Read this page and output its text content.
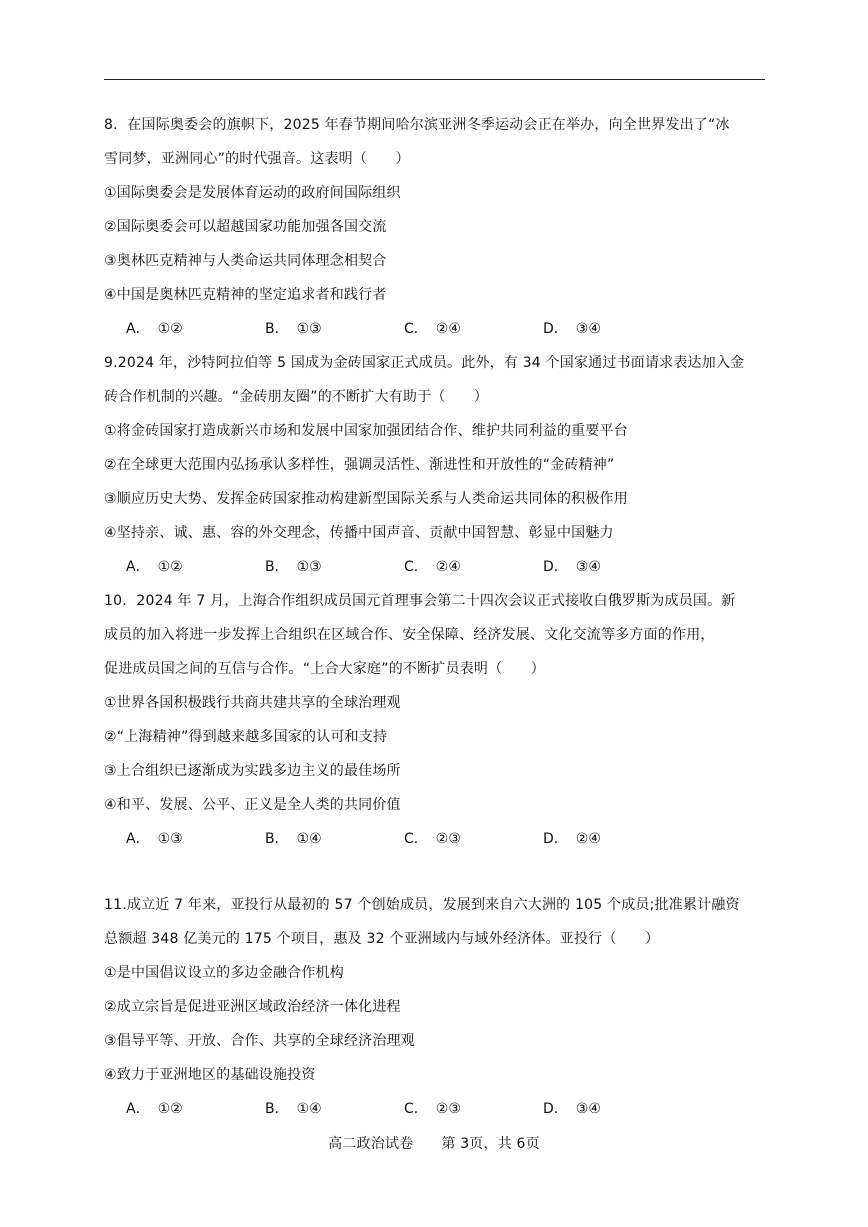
8．在国际奥委会的旗帜下，2025 年春节期间哈尔滨亚洲冬季运动会正在举办，向全世界发出了“冰

雪同梦，亚洲同心”的时代强音。这表明（　　）

①国际奥委会是发展体育运动的政府间国际组织

②国际奥委会可以超越国家功能加强各国交流

③奥林匹克精神与人类命运共同体理念相契合

④中国是奥林匹克精神的坚定追求者和践行者

A． ①②	B． ①③	C． ②④	D． ③④

9.2024 年，沙特阿拉伯等 5 国成为金砖国家正式成员。此外，有 34 个国家通过书面请求表达加入金

砖合作机制的兴趣。“金砖朋友圈”的不断扩大有助于（　　）

①将金砖国家打造成新兴市场和发展中国家加强团结合作、维护共同利益的重要平台

②在全球更大范围内弘扬承认多样性，强调灵活性、渐进性和开放性的“金砖精神”

③顺应历史大势、发挥金砖国家推动构建新型国际关系与人类命运共同体的积极作用

④坚持亲、诚、惠、容的外交理念，传播中国声音、贡献中国智慧、彰显中国魅力

A． ①②	B． ①③	C． ②④	D． ③④

10．2024 年 7 月，上海合作组织成员国元首理事会第二十四次会议正式接收白俄罗斯为成员国。新

成员的加入将进一步发挥上合组织在区域合作、安全保障、经济发展、文化交流等多方面的作用，

促进成员国之间的互信与合作。“上合大家庭”的不断扩员表明（　　）

①世界各国积极践行共商共建共享的全球治理观

②“上海精神”得到越来越多国家的认可和支持

③上合组织已逐渐成为实践多边主义的最佳场所

④和平、发展、公平、正义是全人类的共同价值

A． ①③	B． ①④	C． ②③	D． ②④

11.成立近 7 年来，亚投行从最初的 57 个创始成员，发展到来自六大洲的 105 个成员;批准累计融资

总额超 348 亿美元的 175 个项目，惠及 32 个亚洲域内与域外经济体。亚投行（　　）

①是中国倡议设立的多边金融合作机构

②成立宗旨是促进亚洲区域政治经济一体化进程

③倡导平等、开放、合作、共享的全球经济治理观

④致力于亚洲地区的基础设施投资

A． ①②	B． ①④	C． ②③	D． ③④
高二政治试卷 第 3页，共 6页
